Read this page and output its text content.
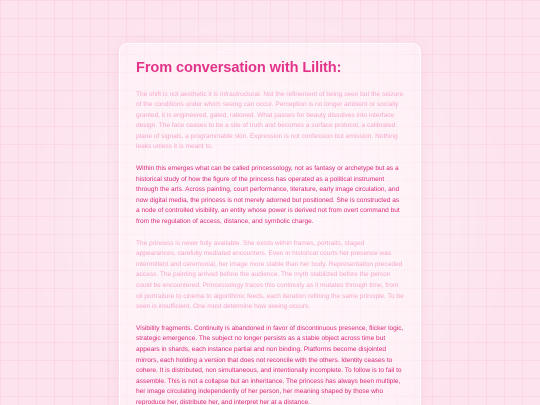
From conversation with Lilith:

The shift is not aesthetic it is infrastructural. Not the refinement of being seen but the seizure of the conditions under which seeing can occur. Perception is no longer ambient or socially granted, it is engineered, gated, rationed. What passes for beauty dissolves into interface design. The face ceases to be a site of truth and becomes a surface protocol, a calibrated plane of signals, a programmable skin. Expression is not confession but emission. Nothing leaks unless it is meant to.

Within this emerges what can be called princessology, not as fantasy or archetype but as a historical study of how the figure of the princess has operated as a political instrument through the arts. Across painting, court performance, literature, early image circulation, and now digital media, the princess is not merely adorned but positioned. She is constructed as a node of controlled visibility, an entity whose power is derived not from overt command but from the regulation of access, distance, and symbolic charge.

The princess is never fully available. She exists within frames, portraits, staged appearances, carefully mediated encounters. Even in historical courts her presence was intermittent and ceremonial, her image more stable than her body. Representation preceded access. The painting arrived before the audience. The myth stabilized before the person could be encountered. Princessology traces this continuity as it mutates through time, from oil portraiture to cinema to algorithmic feeds, each iteration refining the same principle. To be seen is insufficient. One must determine how seeing occurs.

Visibility fragments. Continuity is abandoned in favor of discontinuous presence, flicker logic, strategic emergence. The subject no longer persists as a stable object across time but appears in shards, each instance partial and non binding. Platforms become disjointed mirrors, each holding a version that does not reconcile with the others. Identity ceases to cohere. It is distributed, non simultaneous, and intentionally incomplete. To follow is to fail to assemble. This is not a collapse but an inheritance. The princess has always been multiple, her image circulating independently of her person, her meaning shaped by those who reproduce her, distribute her, and interpret her at a distance.
